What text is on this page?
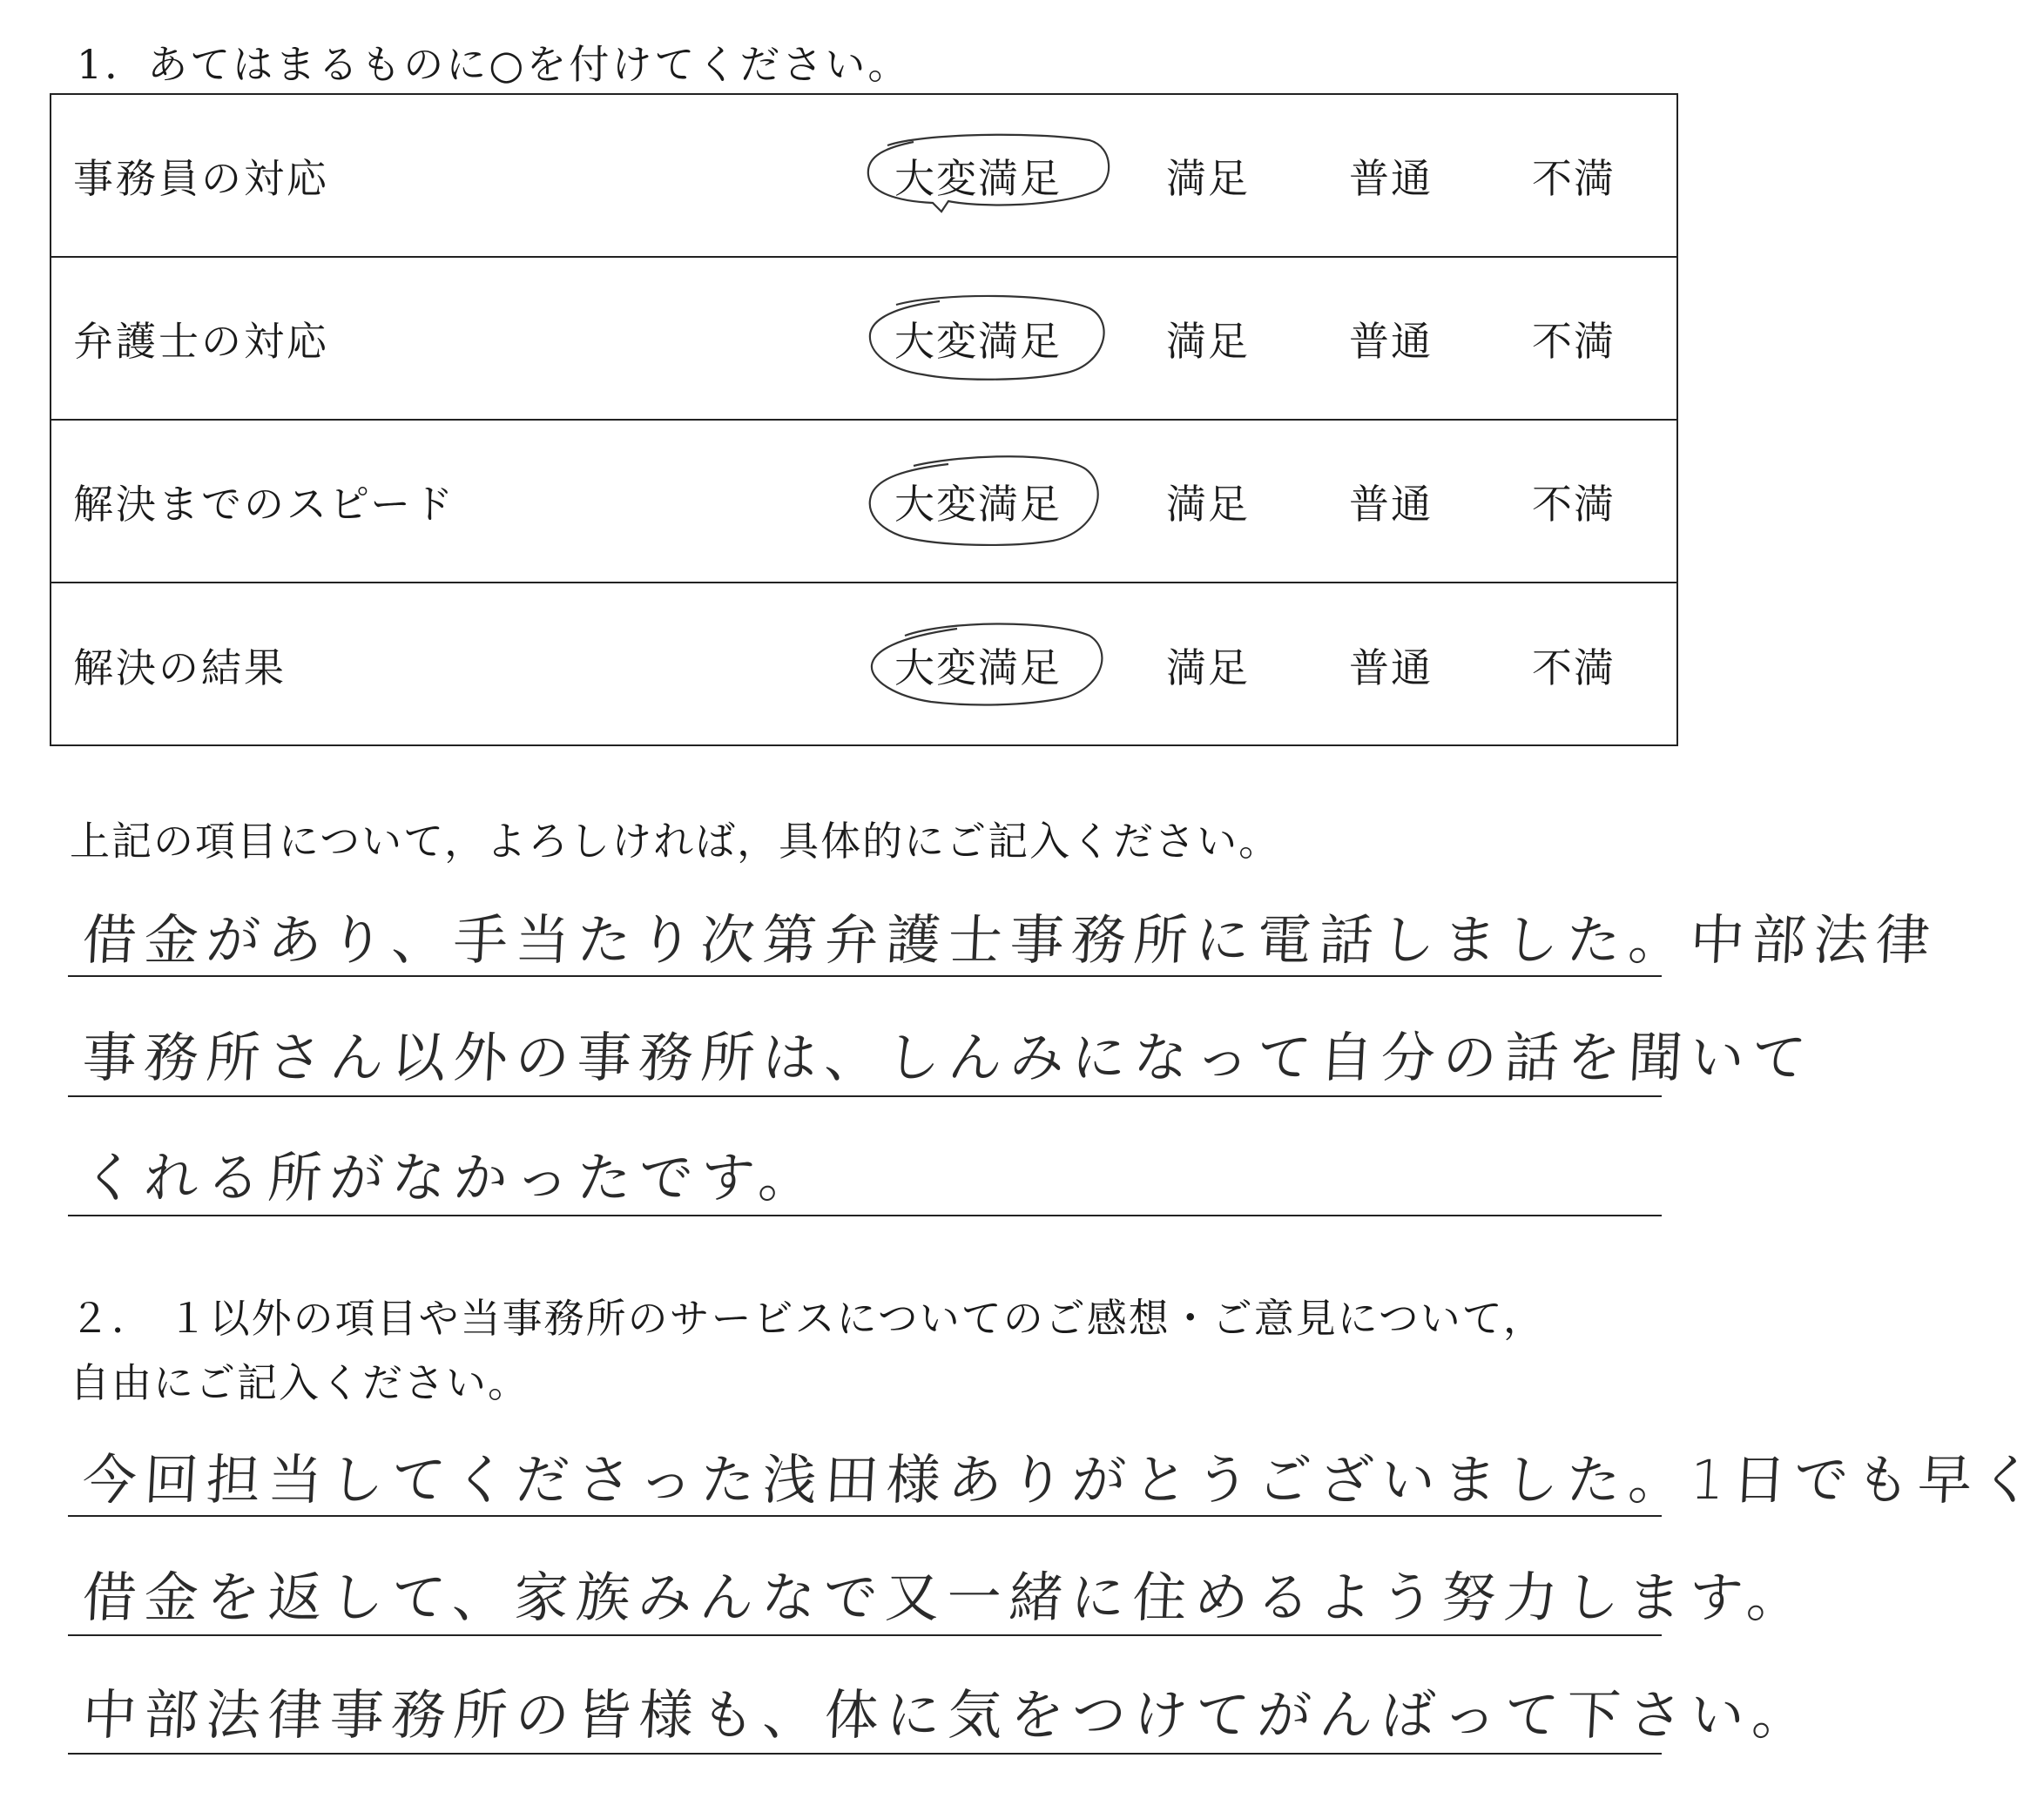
1．あてはまるものに○を付けてください。
事務員の対応	大変満足	満足 普通 不満
弁護士の対応	大変満足	満足 普通 不満
解決までのスピード	大変満足	満足 普通 不満
解決の結果	大変満足	満足 普通 不満
上記の項目について，よろしければ，具体的にご記入ください。
借金があり、手当たり次第弁護士事務所に電話しました。中部法律
事務所さん以外の事務所は、しんみになって自分の話を聞いて
くれる所がなかったです。
２． １以外の項目や当事務所のサービスについてのご感想・ご意見について，
自由にご記入ください。
今回担当してくださった浅田様ありがとうございました。1日でも早く
借金を返して、家族みんなで又一緒に住めるよう努力します。
中部法律事務所の皆様も、体に気をつけてがんばって下さい。
